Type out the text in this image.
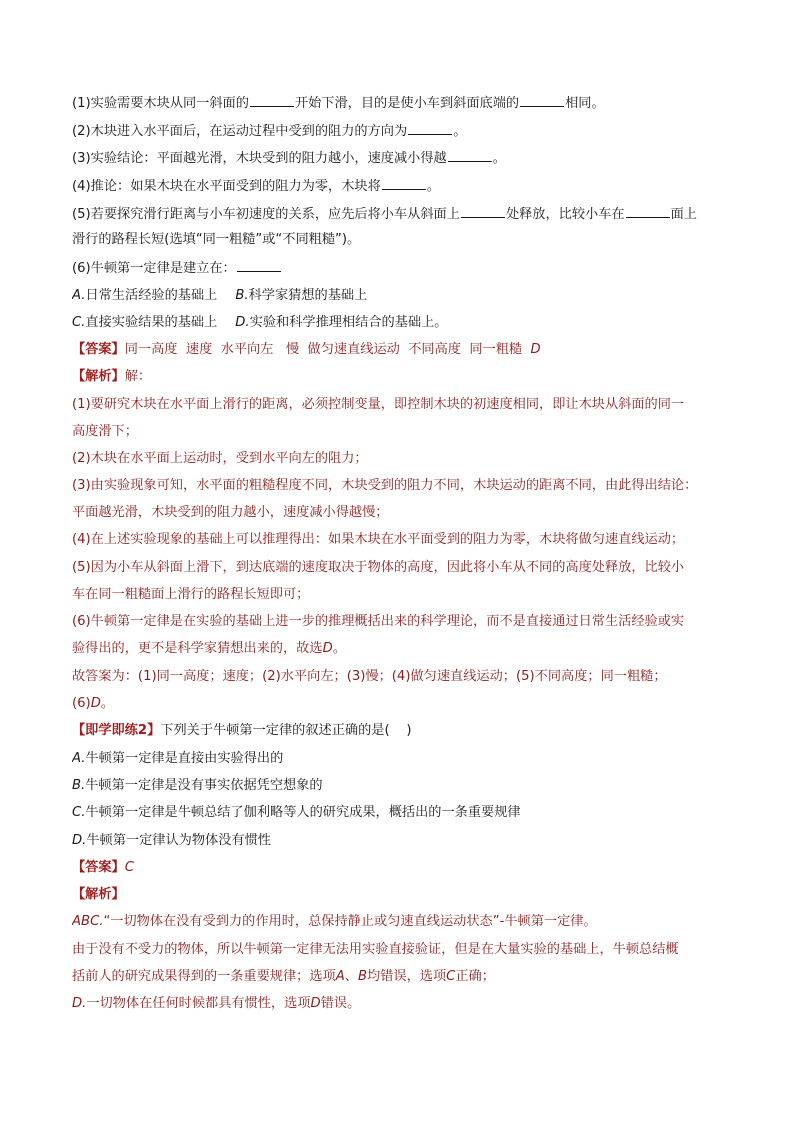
(1)实验需要木块从同一斜面的	开始下滑，目的是使小车到斜面底端的	相同。
(2)木块进入水平面后，在运动过程中受到的阻力的方向为	。
(3)实验结论：平面越光滑，木块受到的阻力越小，速度减小得越	。
(4)推论：如果木块在水平面受到的阻力为零，木块将	。
(5)若要探究滑行距离与小车初速度的关系，应先后将小车从斜面上	处释放，比较小车在	面上
滑行的路程长短(选填“同一粗糙”或“不同粗糙”)。
(6)牛顿第一定律是建立在：
A.日常生活经验的基础上 B.科学家猜想的基础上
C.直接实验结果的基础上 D.实验和科学推理相结合的基础上。
【答案】同一高度  速度  水平向左   慢  做匀速直线运动  不同高度  同一粗糙  D
【解析】解：
(1)要研究木块在水平面上滑行的距离，必须控制变量，即控制木块的初速度相同，即让木块从斜面的同一
高度滑下；
(2)木块在水平面上运动时，受到水平向左的阻力；
(3)由实验现象可知，水平面的粗糙程度不同，木块受到的阻力不同，木块运动的距离不同，由此得出结论：
平面越光滑，木块受到的阻力越小，速度减小得越慢；
(4)在上述实验现象的基础上可以推理得出：如果木块在水平面受到的阻力为零，木块将做匀速直线运动；
(5)因为小车从斜面上滑下，到达底端的速度取决于物体的高度，因此将小车从不同的高度处释放，比较小
车在同一粗糙面上滑行的路程长短即可；
(6)牛顿第一定律是在实验的基础上进一步的推理概括出来的科学理论，而不是直接通过日常生活经验或实
验得出的，更不是科学家猜想出来的，故选D。
故答案为：(1)同一高度；速度；(2)水平向左；(3)慢；(4)做匀速直线运动；(5)不同高度；同一粗糙；
(6)D。
【即学即练2】下列关于牛顿第一定律的叙述正确的是(    )
A.牛顿第一定律是直接由实验得出的
B.牛顿第一定律是没有事实依据凭空想象的
C.牛顿第一定律是牛顿总结了伽利略等人的研究成果，概括出的一条重要规律
D.牛顿第一定律认为物体没有惯性
【答案】C
【解析】
ABC.“一切物体在没有受到力的作用时，总保持静止或匀速直线运动状态”-牛顿第一定律。
由于没有不受力的物体，所以牛顿第一定律无法用实验直接验证，但是在大量实验的基础上，牛顿总结概
括前人的研究成果得到的一条重要规律；选项A、B均错误，选项C正确；
D.一切物体在任何时候都具有惯性，选项D错误。
